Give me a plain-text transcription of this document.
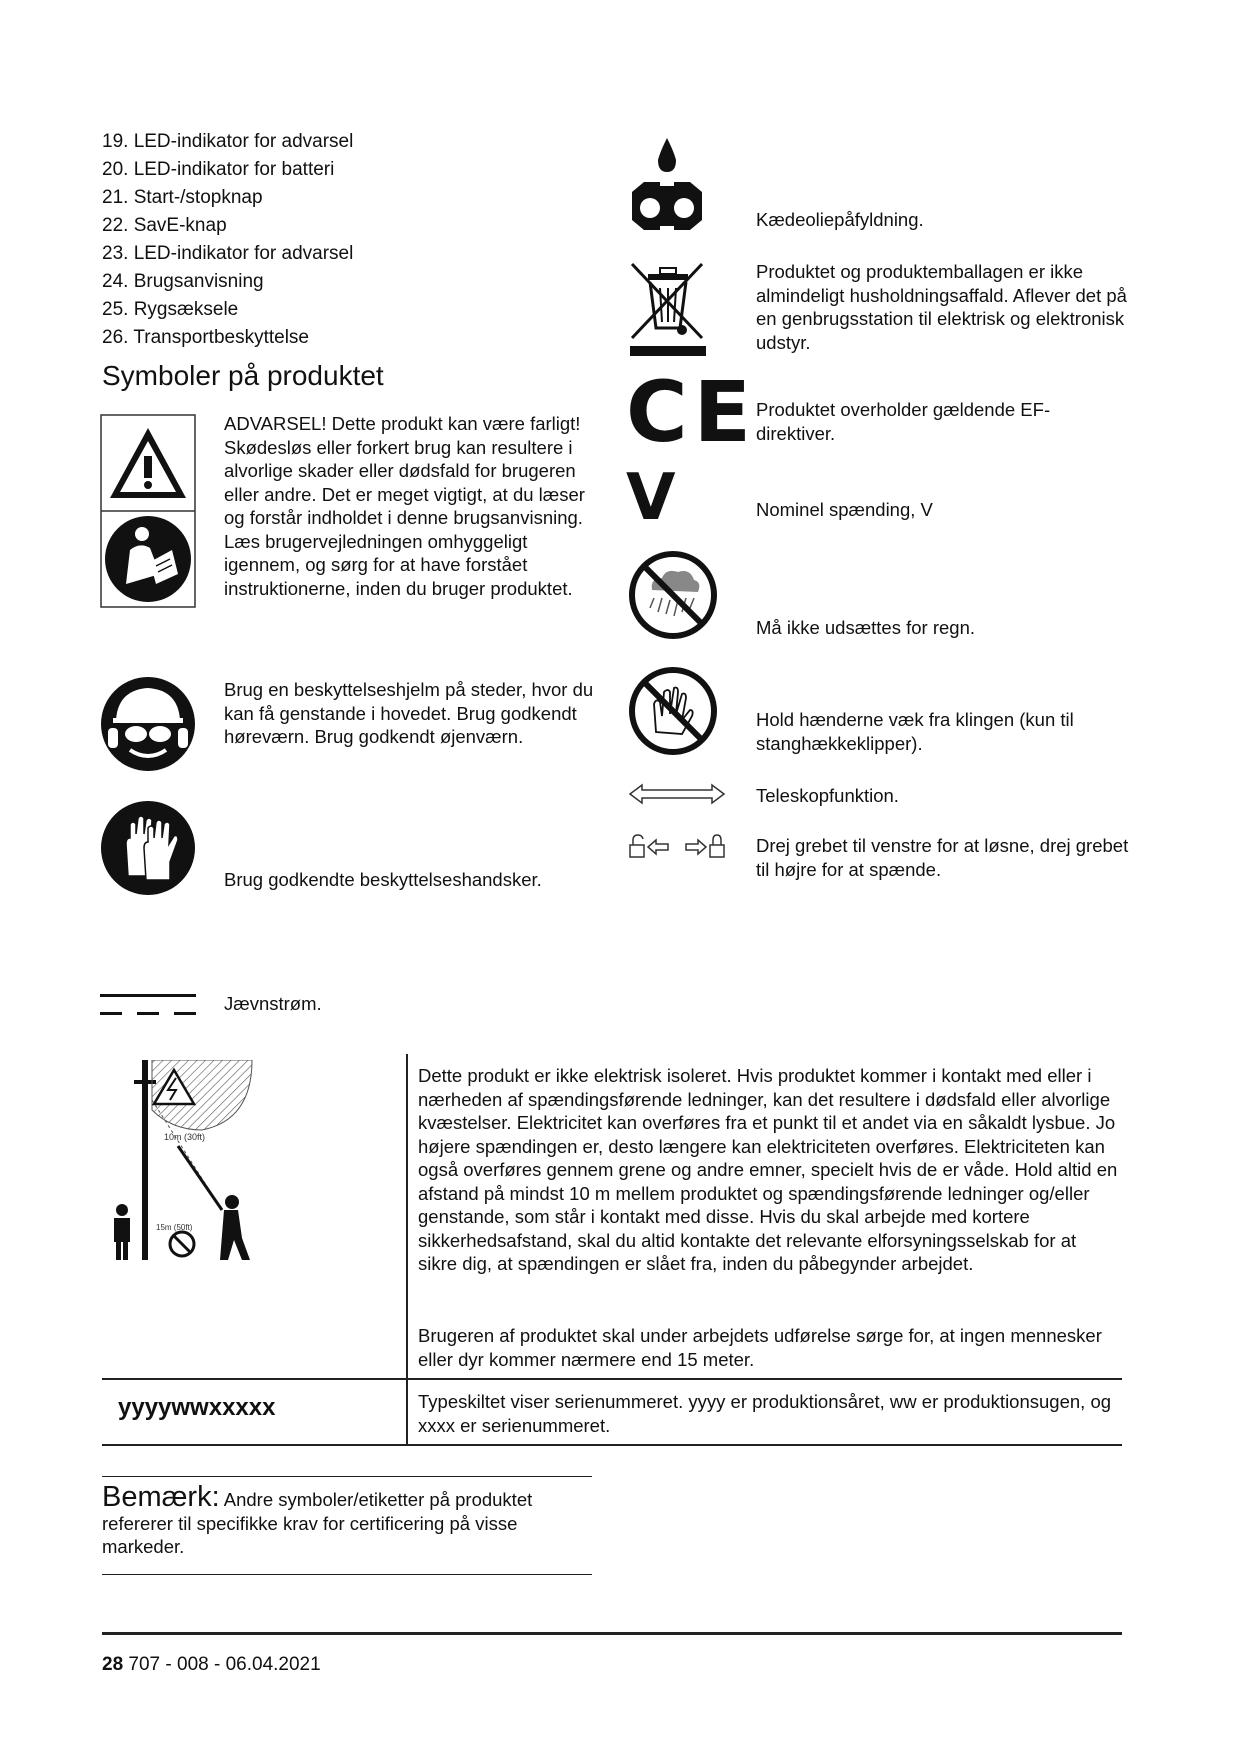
19. LED-indikator for advarsel
20. LED-indikator for batteri
21. Start-/stopknap
22. SavE-knap
23. LED-indikator for advarsel
24. Brugsanvisning
25. Rygsæksele
26. Transportbeskyttelse
Symboler på produktet

ADVARSEL! Dette produkt kan være farligt! Skødesløs eller forkert brug kan resultere i alvorlige skader eller dødsfald for brugeren eller andre. Det er meget vigtigt, at du læser og forstår indholdet i denne brugsanvisning. Læs brugervejledningen omhyggeligt igennem, og sørg for at have forstået instruktionerne, inden du bruger produktet.

Brug en beskyttelseshjelm på steder, hvor du kan få genstande i hovedet. Brug godkendt høreværn. Brug godkendt øjenværn.

Brug godkendte beskyttelseshandsker.

Jævnstrøm.

Kædeoliepåfyldning.

Produktet og produktemballagen er ikke almindeligt husholdningsaffald. Aflever det på en genbrugsstation til elektrisk og elektronisk udstyr.

CE

Produktet overholder gældende EF-direktiver.

V	Nominel spænding, V

Må ikke udsættes for regn.

Hold hænderne væk fra klingen (kun til stanghækkeklipper).

Teleskopfunktion.

Drej grebet til venstre for at løsne, drej grebet til højre for at spænde.

10m (30ft)
15m (50ft)

Dette produkt er ikke elektrisk isoleret. Hvis produktet kommer i kontakt med eller i nærheden af spændingsførende ledninger, kan det resultere i dødsfald eller alvorlige kvæstelser. Elektricitet kan overføres fra et punkt til et andet via en såkaldt lysbue. Jo højere spændingen er, desto længere kan elektriciteten overføres. Elektriciteten kan også overføres gennem grene og andre emner, specielt hvis de er våde. Hold altid en afstand på mindst 10 m mellem produktet og spændingsførende ledninger og/eller genstande, som står i kontakt med disse. Hvis du skal arbejde med kortere sikkerhedsafstand, skal du altid kontakte det relevante elforsyningsselskab for at sikre dig, at spændingen er slået fra, inden du påbegynder arbejdet.

Brugeren af produktet skal under arbejdets udførelse sørge for, at ingen mennesker eller dyr kommer nærmere end 15 meter.

yyyywwxxxxx	Typeskiltet viser serienummeret. yyyy er produktionsåret, ww er produktionsugen, og xxxx er serienummeret.

Bemærk: Andre symboler/etiketter på produktet refererer til specifikke krav for certificering på visse markeder.

28 707 - 008 - 06.04.2021
